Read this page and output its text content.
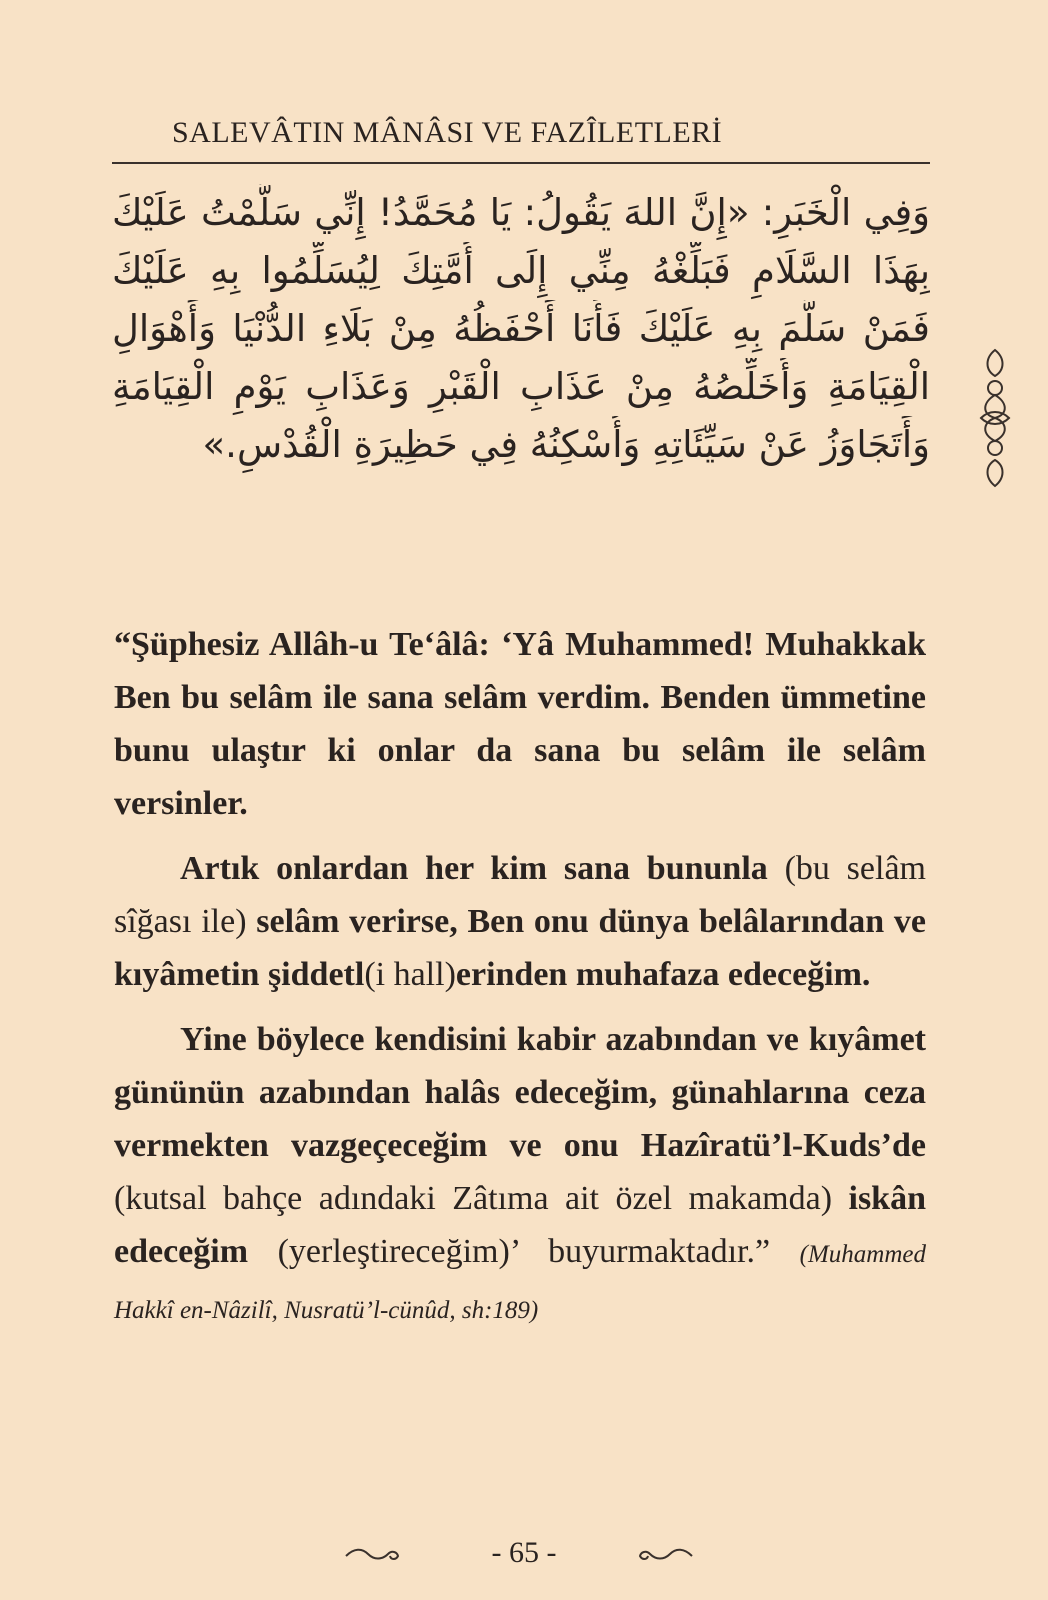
SALEVÂTIN MÂNÂSI VE FAZÎLETLERİ
وَفِي الْخَبَرِ: «إِنَّ اللهَ يَقُولُ: يَا مُحَمَّدُ! إِنِّي سَلَّمْتُ عَلَيْكَ
بِهَذَا السَّلَامِ فَبَلِّغْهُ مِنِّي إِلَى أُمَّتِكَ لِيُسَلِّمُوا بِهِ عَلَيْكَ
فَمَنْ سَلَّمَ بِهِ عَلَيْكَ فَأَنَا أَحْفَظُهُ مِنْ بَلَاءِ الدُّنْيَا وَأَهْوَالِ
الْقِيَامَةِ وَأُخَلِّصُهُ مِنْ عَذَابِ الْقَبْرِ وَعَذَابِ يَوْمِ الْقِيَامَةِ
وَأَتَجَاوَزُ عَنْ سَيِّئَاتِهِ وَأُسْكِنُهُ فِي حَظِيرَةِ الْقُدْسِ.»

“Şüphesiz Allâh-u Te‘âlâ: ‘Yâ Muhammed! Muhakkak Ben bu selâm ile sana selâm verdim. Benden ümmetine bunu ulaştır ki onlar da sana bu selâm ile selâm versinler.

Artık onlardan her kim sana bununla (bu selâm sîğası ile) selâm verirse, Ben onu dünya belâlarından ve kıyâmetin şiddetl(i hall)erinden muhafaza edeceğim.

Yine böylece kendisini kabir azabından ve kıyâmet gününün azabından halâs edeceğim, günahlarına ceza vermekten vazgeçeceğim ve onu Hazîratü’l-Kuds’de (kutsal bahçe adındaki Zâtıma ait özel makamda) iskân edeceğim (yerleştireceğim)’ buyurmaktadır.” (Muhammed Hakkî en-Nâzilî, Nusratü’l-cünûd, sh:189)

- 65 -
